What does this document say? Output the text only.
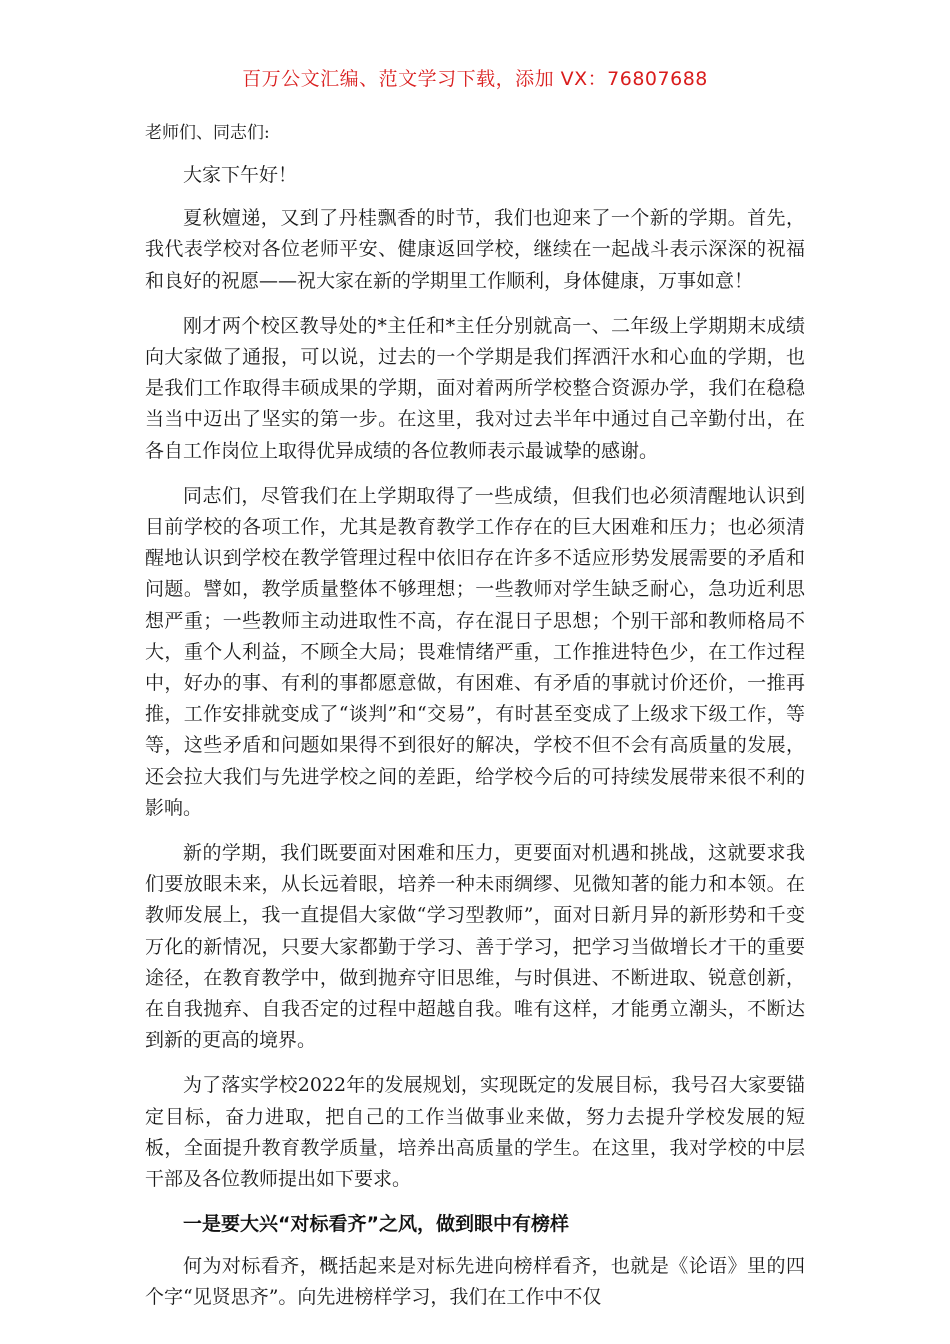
百万公文汇编、范文学习下载，添加 VX：76807688

老师们、同志们:

大家下午好！

夏秋嬗递，又到了丹桂飘香的时节，我们也迎来了一个新的学期。首先，我代表学校对各位老师平安、健康返回学校，继续在一起战斗表示深深的祝福和良好的祝愿——祝大家在新的学期里工作顺利，身体健康，万事如意！

刚才两个校区教导处的*主任和*主任分别就高一、二年级上学期期末成绩向大家做了通报，可以说，过去的一个学期是我们挥洒汗水和心血的学期，也是我们工作取得丰硕成果的学期，面对着两所学校整合资源办学，我们在稳稳当当中迈出了坚实的第一步。在这里，我对过去半年中通过自己辛勤付出，在各自工作岗位上取得优异成绩的各位教师表示最诚挚的感谢。

同志们，尽管我们在上学期取得了一些成绩，但我们也必须清醒地认识到目前学校的各项工作，尤其是教育教学工作存在的巨大困难和压力；也必须清醒地认识到学校在教学管理过程中依旧存在许多不适应形势发展需要的矛盾和问题。譬如，教学质量整体不够理想；一些教师对学生缺乏耐心，急功近利思想严重；一些教师主动进取性不高，存在混日子思想；个别干部和教师格局不大，重个人利益，不顾全大局；畏难情绪严重，工作推进特色少，在工作过程中，好办的事、有利的事都愿意做，有困难、有矛盾的事就讨价还价，一推再推，工作安排就变成了“谈判”和“交易”，有时甚至变成了上级求下级工作，等等，这些矛盾和问题如果得不到很好的解决，学校不但不会有高质量的发展，还会拉大我们与先进学校之间的差距，给学校今后的可持续发展带来很不利的影响。

新的学期，我们既要面对困难和压力，更要面对机遇和挑战，这就要求我们要放眼未来，从长远着眼，培养一种未雨绸缪、见微知著的能力和本领。在教师发展上，我一直提倡大家做“学习型教师”，面对日新月异的新形势和千变万化的新情况，只要大家都勤于学习、善于学习，把学习当做增长才干的重要途径，在教育教学中，做到抛弃守旧思维，与时俱进、不断进取、锐意创新，在自我抛弃、自我否定的过程中超越自我。唯有这样，才能勇立潮头，不断达到新的更高的境界。

为了落实学校2022年的发展规划，实现既定的发展目标，我号召大家要锚定目标，奋力进取，把自己的工作当做事业来做，努力去提升学校发展的短板，全面提升教育教学质量，培养出高质量的学生。在这里，我对学校的中层干部及各位教师提出如下要求。

一是要大兴“对标看齐”之风，做到眼中有榜样

何为对标看齐，概括起来是对标先进向榜样看齐，也就是《论语》里的四个字“见贤思齐”。向先进榜样学习，我们在工作中不仅
